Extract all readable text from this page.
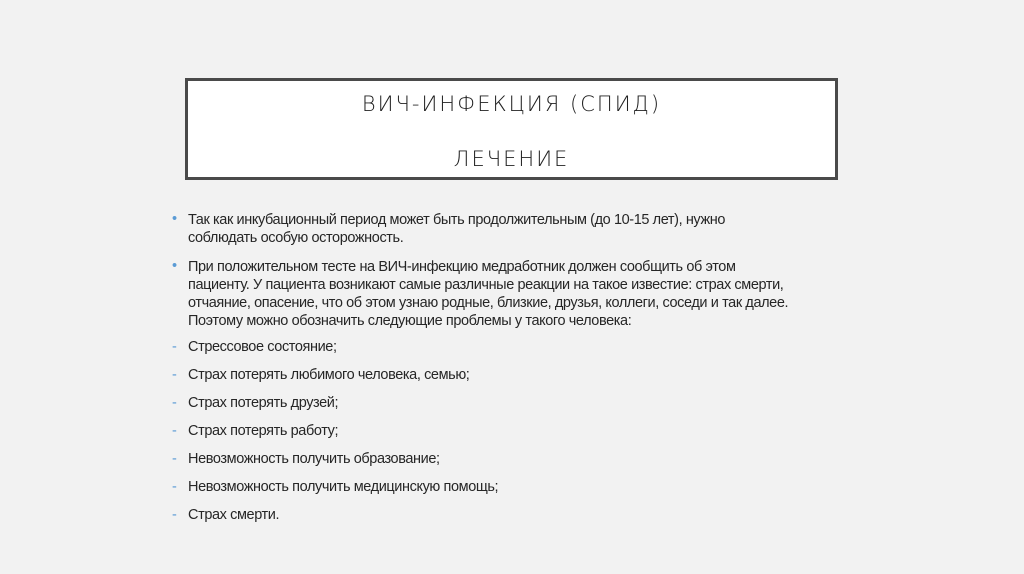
ВИЧ-ИНФЕКЦИЯ (СПИД)
ЛЕЧЕНИЕ
• Так как инкубационный период может быть продолжительным (до 10-15 лет), нужно
соблюдать особую осторожность.
• При положительном тесте на ВИЧ-инфекцию медработник должен сообщить об этом
пациенту. У пациента возникают самые различные реакции на такое известие: страх смерти,
отчаяние, опасение, что об этом узнаю родные, близкие, друзья, коллеги, соседи и так далее.
Поэтому можно обозначить следующие проблемы у такого человека:
- Стрессовое состояние;
- Страх потерять любимого человека, семью;
- Страх потерять друзей;
- Страх потерять работу;
- Невозможность получить образование;
- Невозможность получить медицинскую помощь;
- Страх смерти.
